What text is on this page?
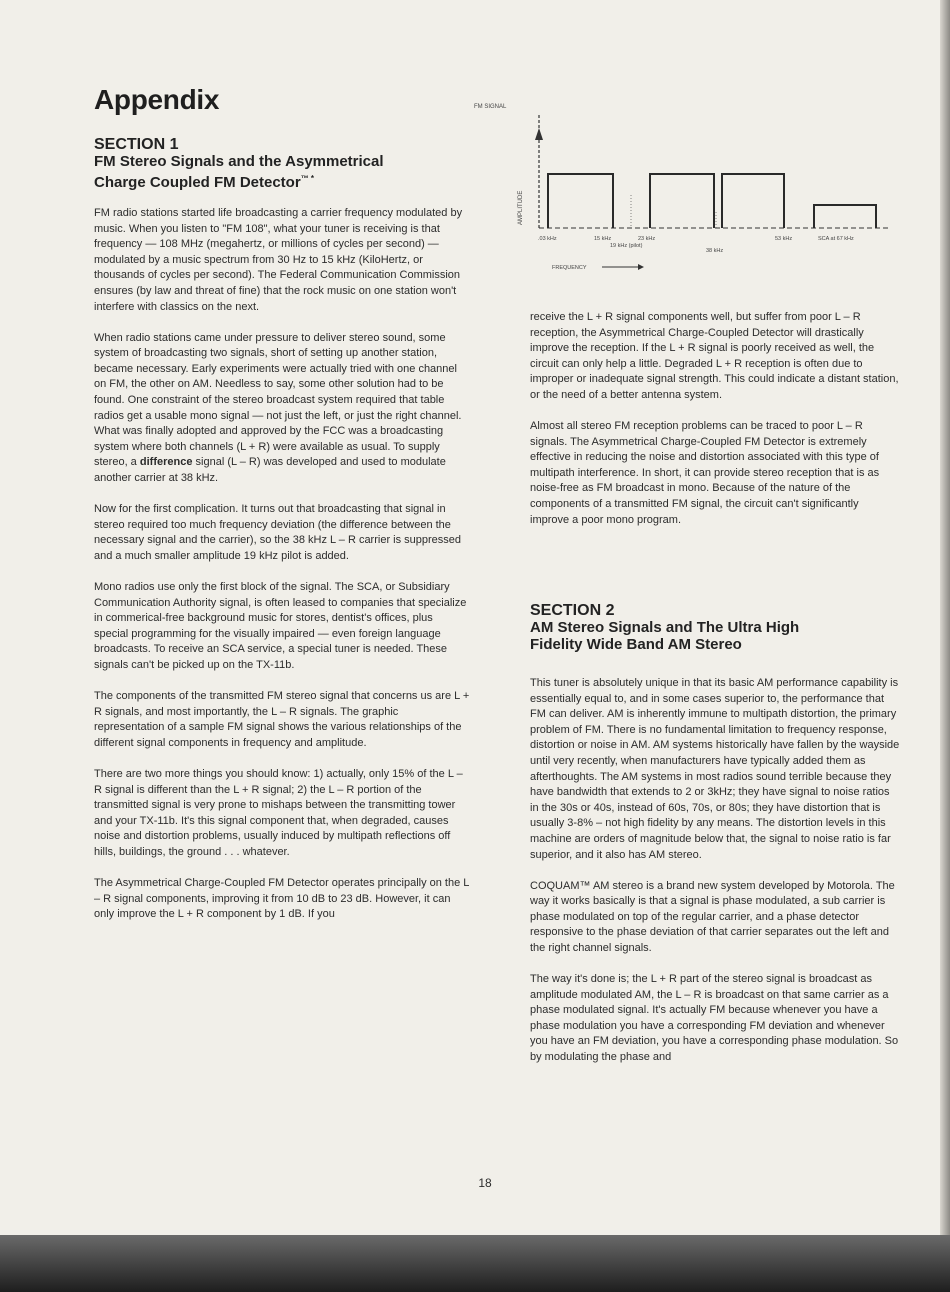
Appendix
SECTION 1
FM Stereo Signals and the Asymmetrical
Charge Coupled FM Detector™ *

FM radio stations started life broadcasting a carrier frequency modulated by music. When you listen to "FM 108", what your tuner is receiving is that frequency — 108 MHz (megahertz, or millions of cycles per second) — modulated by a music spectrum from 30 Hz to 15 kHz (KiloHertz, or thousands of cycles per second). The Federal Communication Commission ensures (by law and threat of fine) that the rock music on one station won't interfere with classics on the next.

When radio stations came under pressure to deliver stereo sound, some system of broadcasting two signals, short of setting up another station, became necessary. Early experiments were actually tried with one channel on FM, the other on AM. Needless to say, some other solution had to be found. One constraint of the stereo broadcast system required that table radios get a usable mono signal — not just the left, or just the right channel. What was finally adopted and approved by the FCC was a broadcasting system where both channels (L + R) were available as usual. To supply stereo, a difference signal (L – R) was developed and used to modulate another carrier at 38 kHz.

Now for the first complication. It turns out that broadcasting that signal in stereo required too much frequency deviation (the difference between the necessary signal and the carrier), so the 38 kHz L – R carrier is suppressed and a much smaller amplitude 19 kHz pilot is added.

Mono radios use only the first block of the signal. The SCA, or Subsidiary Communication Authority signal, is often leased to companies that specialize in commerical-free background music for stores, dentist's offices, plus special programming for the visually impaired — even foreign language broadcasts. To receive an SCA service, a special tuner is needed. These signals can't be picked up on the TX-11b.

The components of the transmitted FM stereo signal that concerns us are L + R signals, and most importantly, the L – R signals. The graphic representation of a sample FM signal shows the various relationships of the different signal components in frequency and amplitude.

There are two more things you should know: 1) actually, only 15% of the L – R signal is different than the L + R signal; 2) the L – R portion of the transmitted signal is very prone to mishaps between the transmitting tower and your TX-11b. It's this signal component that, when degraded, causes noise and distortion problems, usually induced by multipath reflections off hills, buildings, the ground . . . whatever.

The Asymmetrical Charge-Coupled FM Detector operates principally on the L – R signal components, improving it from 10 dB to 23 dB. However, it can only improve the L + R component by 1 dB. If you

FM SIGNAL
AMPLITUDE
.03 kHz	15 kHz	23 kHz
19 kHz (pilot)
38 kHz
53 kHz	SCA at 67 kHz
FREQUENCY

receive the L + R signal components well, but suffer from poor L – R reception, the Asymmetrical Charge-Coupled Detector will drastically improve the reception. If the L + R signal is poorly received as well, the circuit can only help a little. Degraded L + R reception is often due to improper or inadequate signal strength. This could indicate a distant station, or the need of a better antenna system.

Almost all stereo FM reception problems can be traced to poor L – R signals. The Asymmetrical Charge-Coupled FM Detector is extremely effective in reducing the noise and distortion associated with this type of multipath interference. In short, it can provide stereo reception that is as noise-free as FM broadcast in mono. Because of the nature of the components of a transmitted FM signal, the circuit can't significantly improve a poor mono program.

SECTION 2
AM Stereo Signals and The Ultra High
Fidelity Wide Band AM Stereo

This tuner is absolutely unique in that its basic AM performance capability is essentially equal to, and in some cases superior to, the performance that FM can deliver. AM is inherently immune to multipath distortion, the primary problem of FM. There is no fundamental limitation to frequency response, distortion or noise in AM. AM systems historically have fallen by the wayside until very recently, when manufacturers have typically added them as afterthoughts. The AM systems in most radios sound terrible because they have bandwidth that extends to 2 or 3kHz; they have signal to noise ratios in the 30s or 40s, instead of 60s, 70s, or 80s; they have distortion that is usually 3-8% – not high fidelity by any means. The distortion levels in this machine are orders of magnitude below that, the signal to noise ratio is far superior, and it also has AM stereo.

COQUAM™ AM stereo is a brand new system developed by Motorola. The way it works basically is that a signal is phase modulated, a sub carrier is phase modulated on top of the regular carrier, and a phase detector responsive to the phase deviation of that carrier separates out the left and the right channel signals.

The way it's done is; the L + R part of the stereo signal is broadcast as amplitude modulated AM, the L – R is broadcast on that same carrier as a phase modulated signal. It's actually FM because whenever you have a phase modulation you have a corresponding FM deviation and whenever you have an FM deviation, you have a corresponding phase modulation. So by modulating the phase and

18
